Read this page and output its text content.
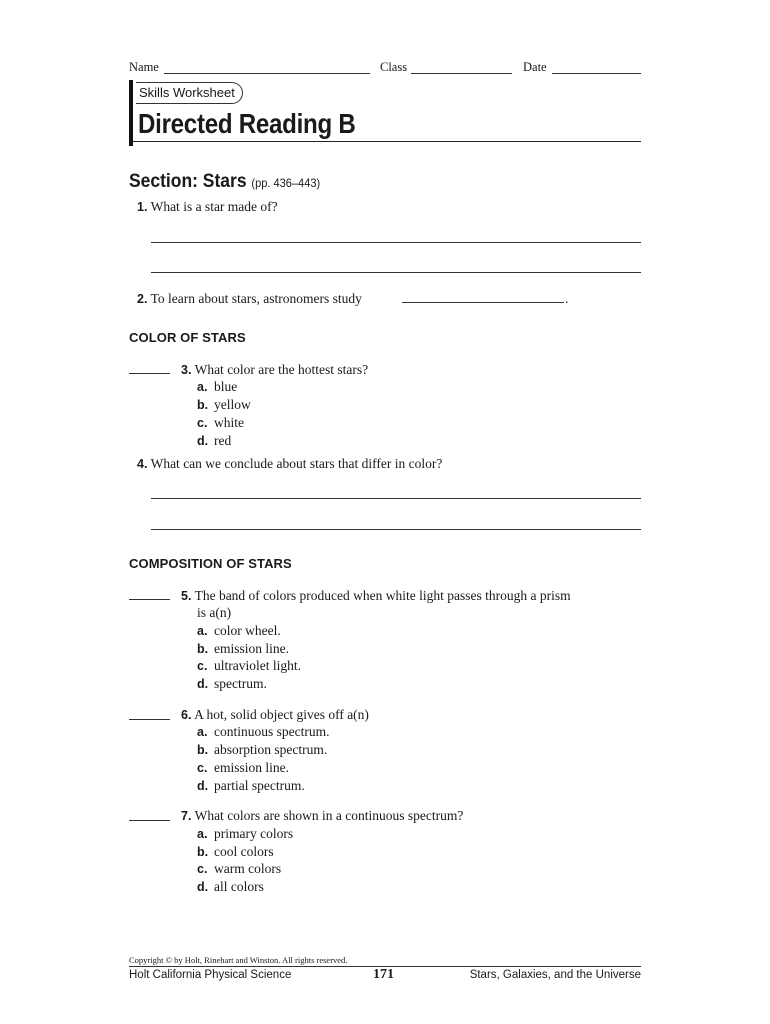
Name	Class	Date
Skills Worksheet
Directed Reading B
Section: Stars (pp. 436–443)
1. What is a star made of?
2. To learn about stars, astronomers study	.
COLOR OF STARS
3. What color are the hottest stars?
a. blue
b. yellow
c. white
d. red
4. What can we conclude about stars that differ in color?
COMPOSITION OF STARS
5. The band of colors produced when white light passes through a prism
is a(n)
a. color wheel.
b. emission line.
c. ultraviolet light.
d. spectrum.
6. A hot, solid object gives off a(n)
a. continuous spectrum.
b. absorption spectrum.
c. emission line.
d. partial spectrum.
7. What colors are shown in a continuous spectrum?
a. primary colors
b. cool colors
c. warm colors
d. all colors
Copyright © by Holt, Rinehart and Winston. All rights reserved.
Holt California Physical Science	171	Stars, Galaxies, and the Universe
